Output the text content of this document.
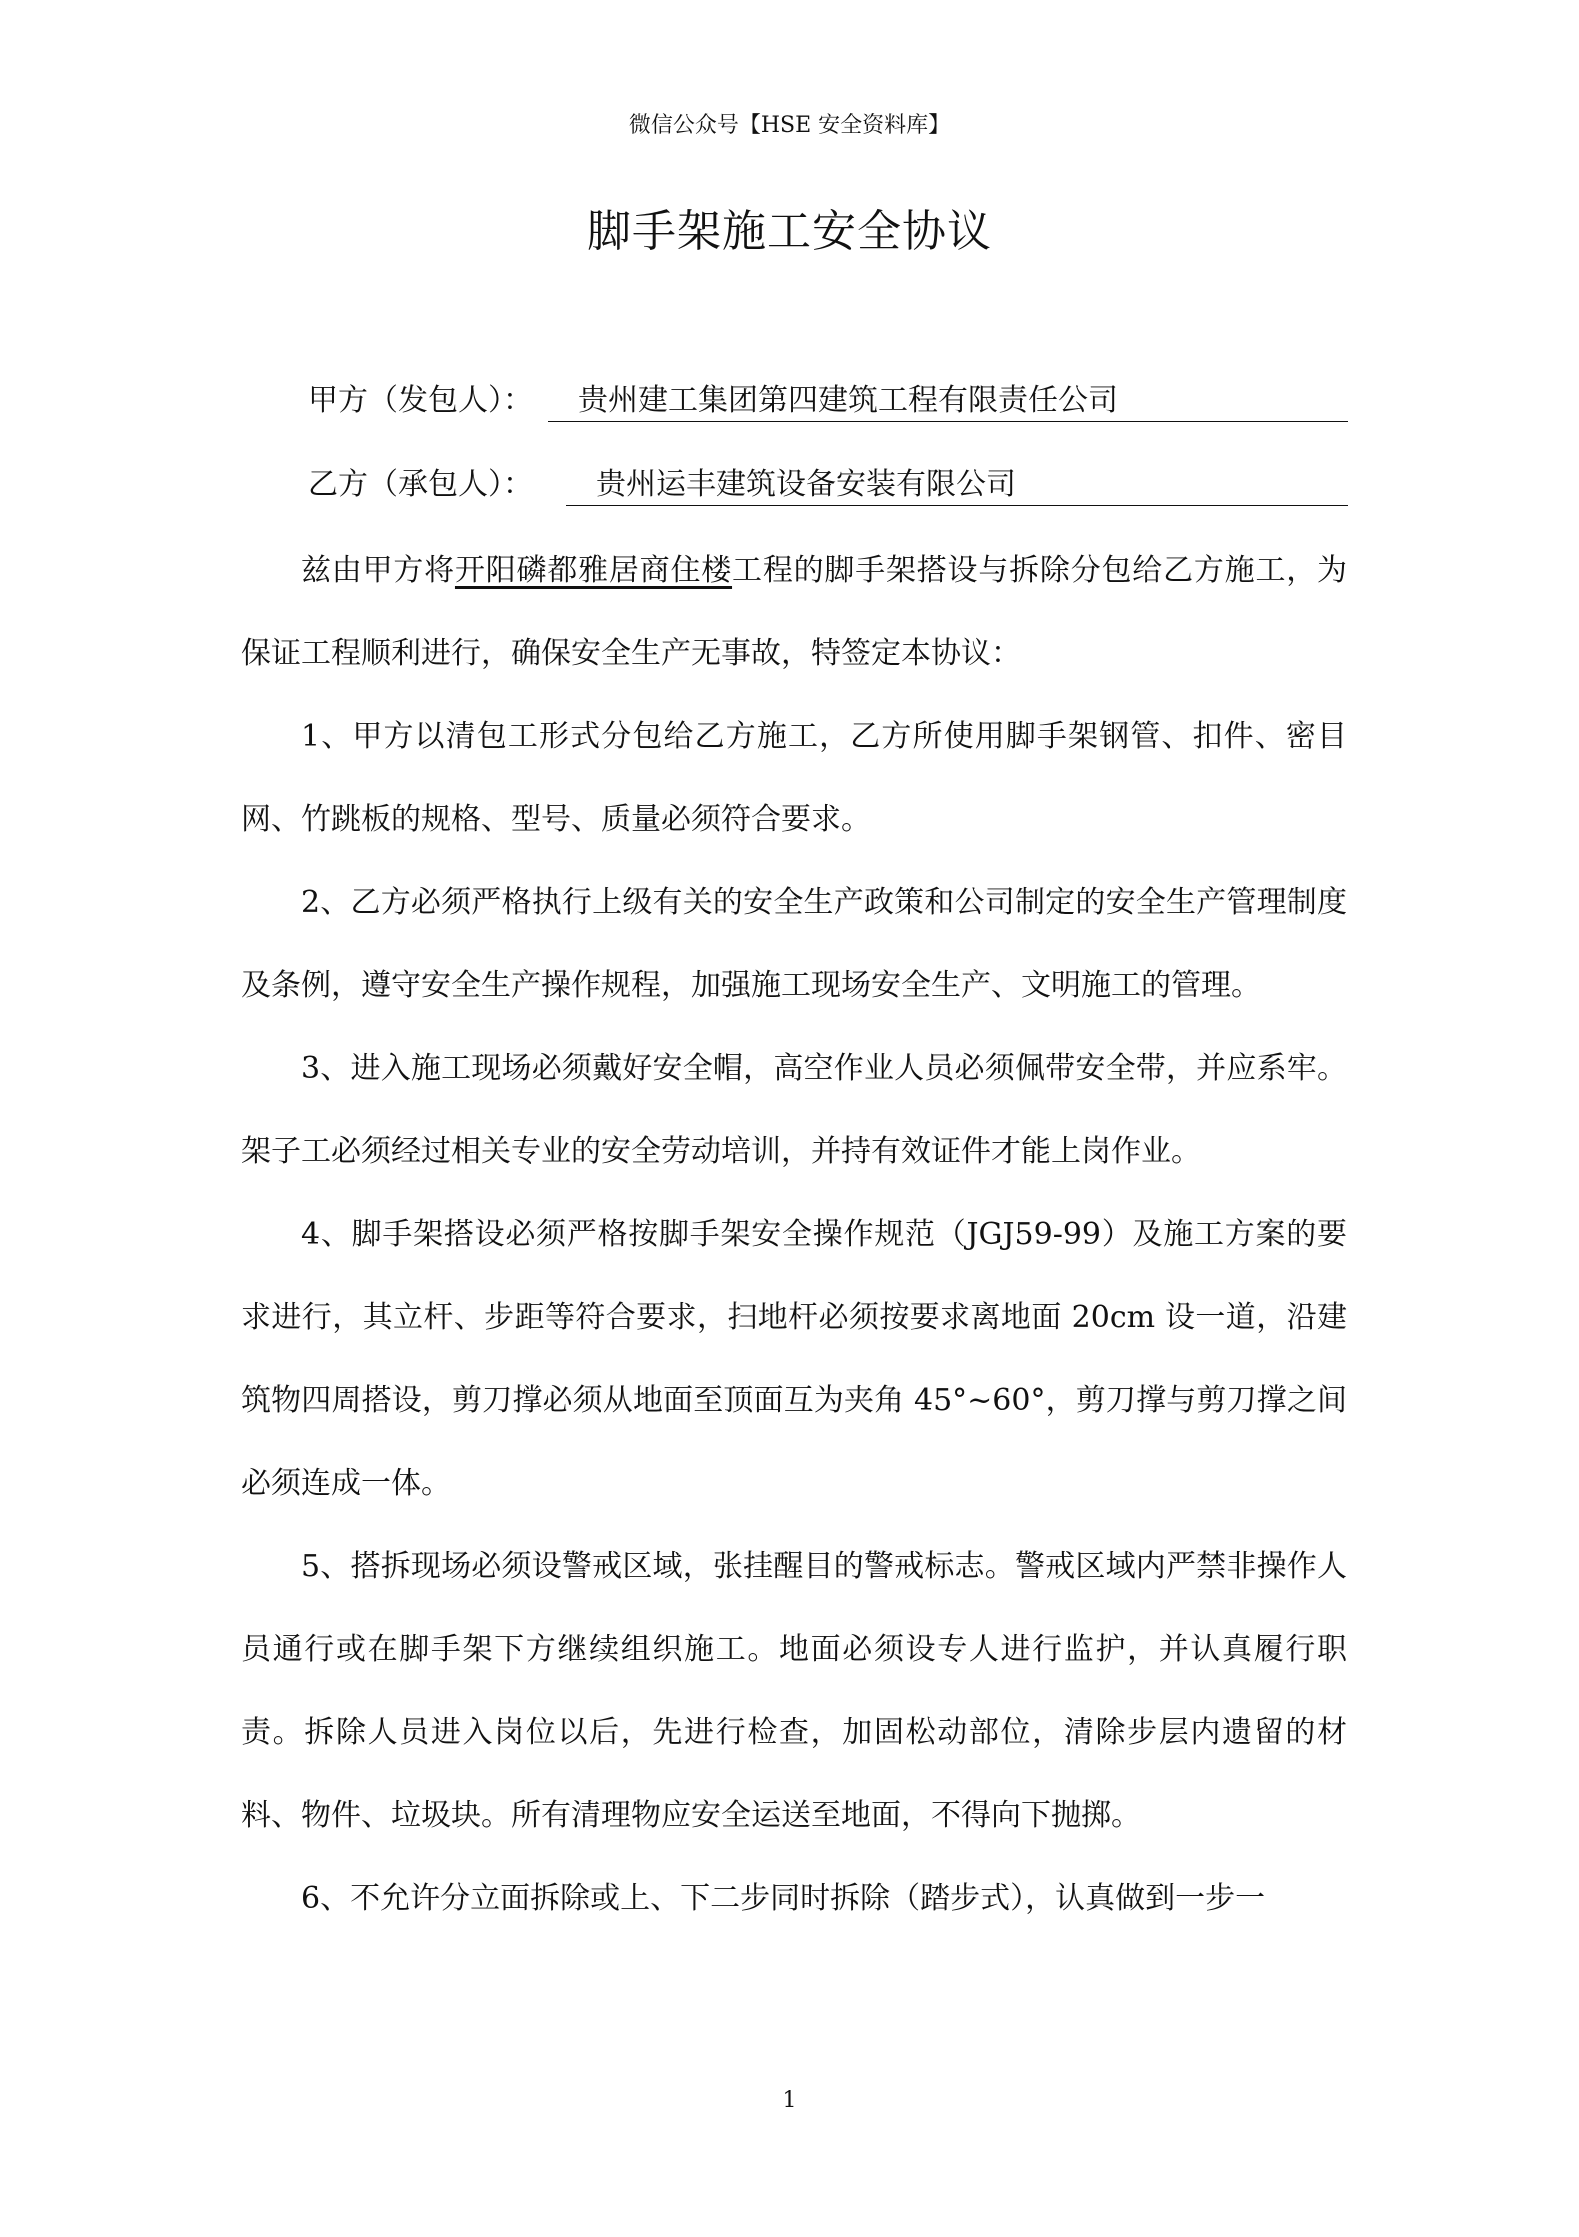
微信公众号【HSE 安全资料库】
脚手架施工安全协议
甲方（发包人）： 贵州建工集团第四建筑工程有限责任公司
乙方（承包人）： 贵州运丰建筑设备安装有限公司

兹由甲方将开阳磷都雅居商住楼工程的脚手架搭设与拆除分包给乙方施工，为保证工程顺利进行，确保安全生产无事故，特签定本协议：

1、甲方以清包工形式分包给乙方施工，乙方所使用脚手架钢管、扣件、密目网、竹跳板的规格、型号、质量必须符合要求。

2、乙方必须严格执行上级有关的安全生产政策和公司制定的安全生产管理制度及条例，遵守安全生产操作规程，加强施工现场安全生产、文明施工的管理。

3、进入施工现场必须戴好安全帽，高空作业人员必须佩带安全带，并应系牢。架子工必须经过相关专业的安全劳动培训，并持有效证件才能上岗作业。

4、脚手架搭设必须严格按脚手架安全操作规范（JGJ59-99）及施工方案的要求进行，其立杆、步距等符合要求，扫地杆必须按要求离地面 20cm 设一道，沿建筑物四周搭设，剪刀撑必须从地面至顶面互为夹角 45°~60°，剪刀撑与剪刀撑之间必须连成一体。

5、搭拆现场必须设警戒区域，张挂醒目的警戒标志。警戒区域内严禁非操作人员通行或在脚手架下方继续组织施工。地面必须设专人进行监护，并认真履行职责。拆除人员进入岗位以后，先进行检查，加固松动部位，清除步层内遗留的材料、物件、垃圾块。所有清理物应安全运送至地面，不得向下抛掷。

6、不允许分立面拆除或上、下二步同时拆除（踏步式），认真做到一步一

1
